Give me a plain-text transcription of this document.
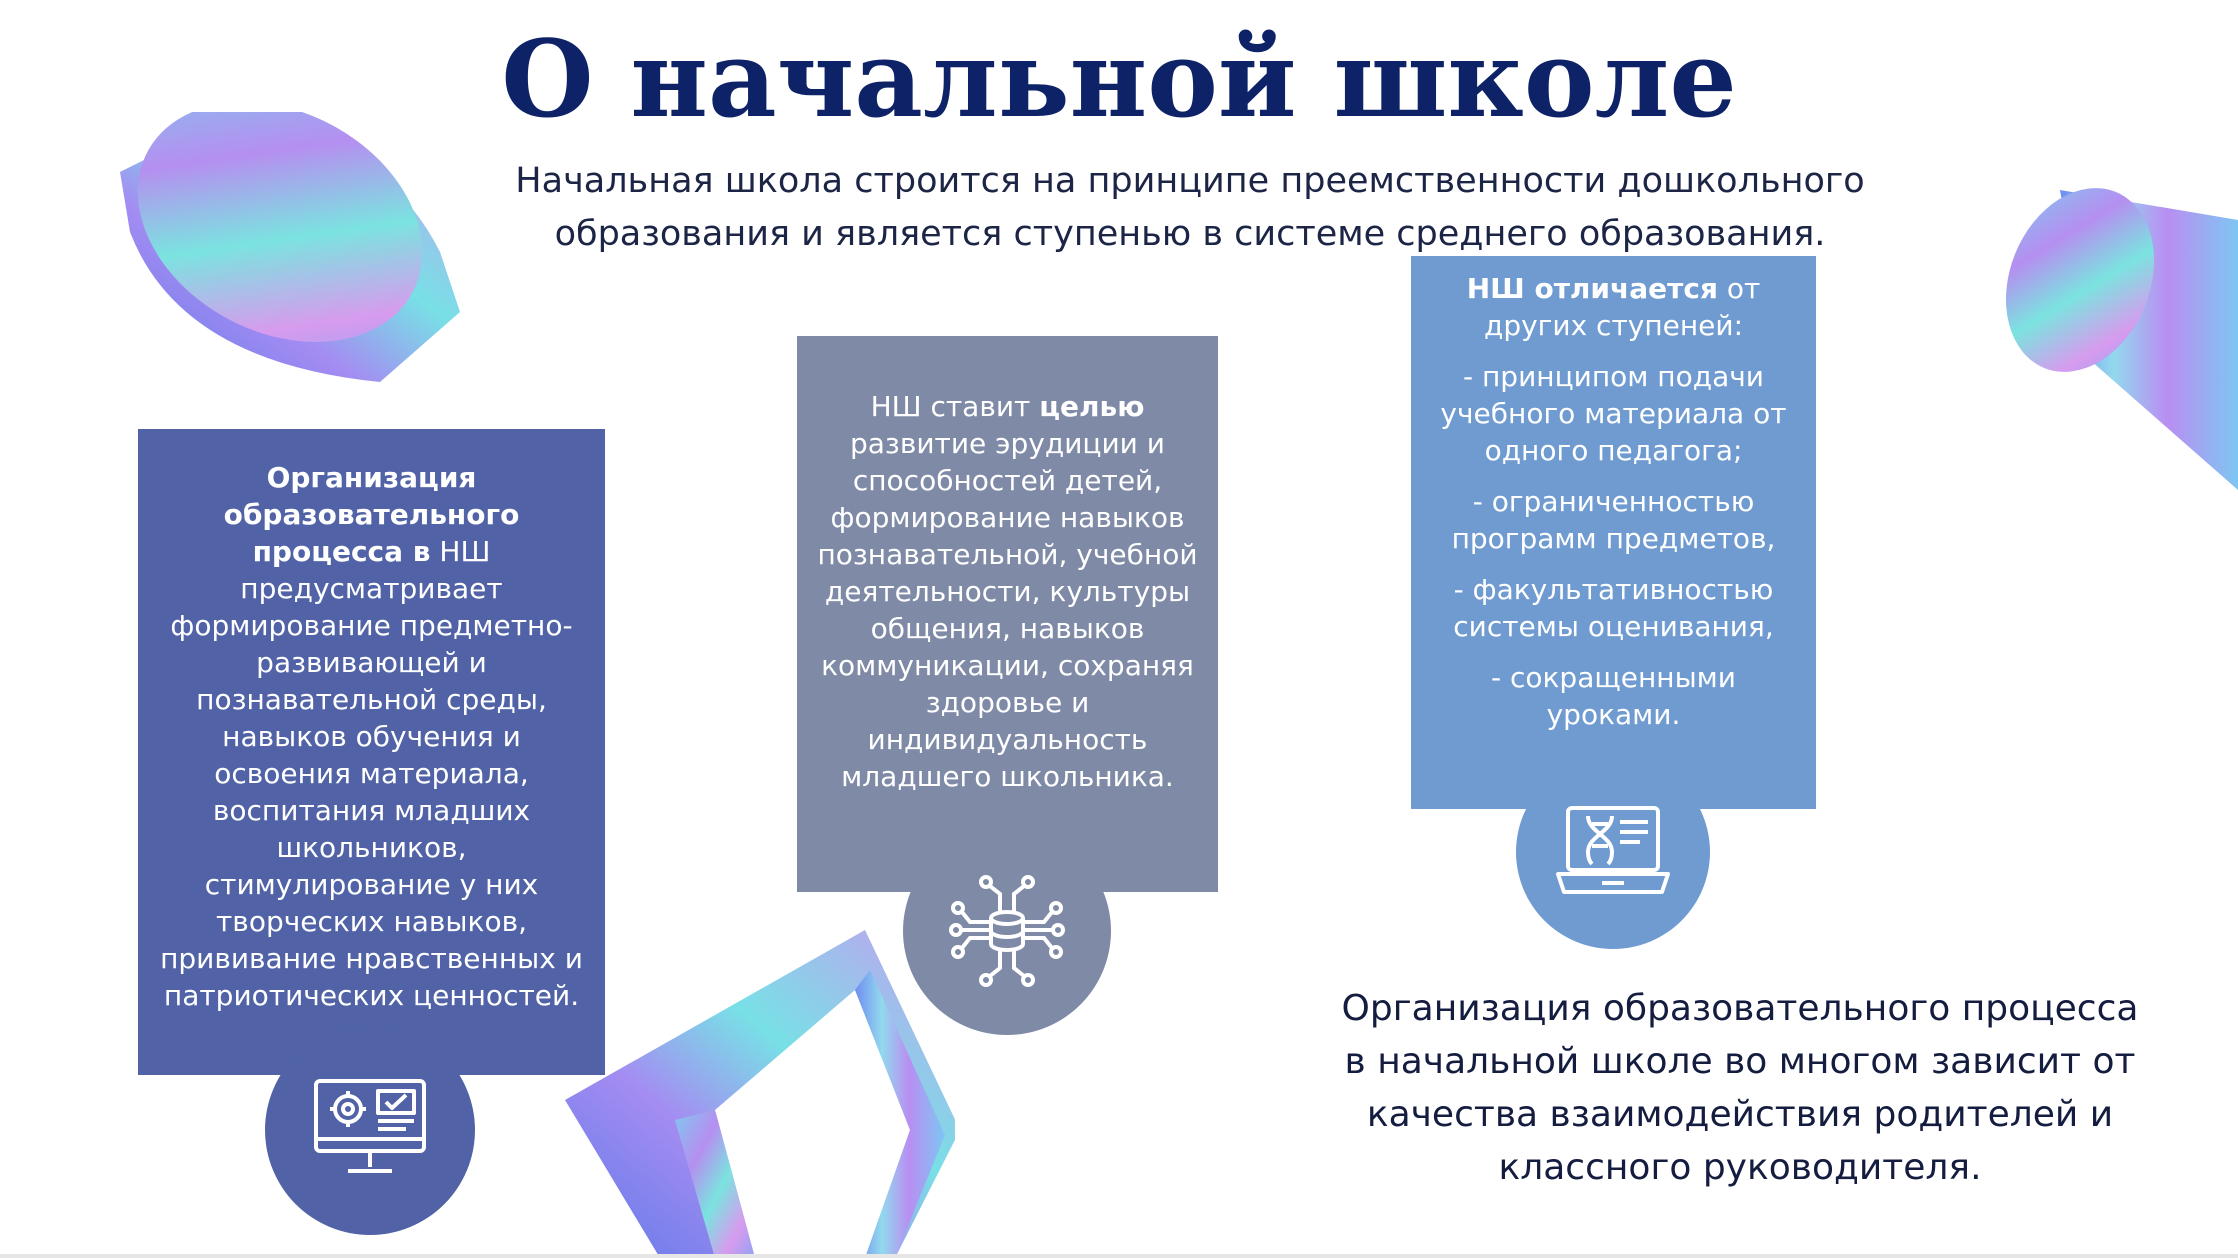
О начальной школе
Начальная школа строится на принципе преемственности дошкольного
образования и является ступенью в системе среднего образования.
Организация образовательного процесса в НШ предусматривает формирование предметно-развивающей и познавательной среды, навыков обучения и освоения материала, воспитания младших школьников, стимулирование у них творческих навыков, прививание нравственных и патриотических ценностей.
НШ ставит целью развитие эрудиции и способностей детей, формирование навыков познавательной, учебной деятельности, культуры общения, навыков коммуникации, сохраняя здоровье и индивидуальность младшего школьника.
НШ отличается от других ступеней:
- принципом подачи учебного материала от одного педагога;
- ограниченностью программ предметов,
- факультативностью системы оценивания,
- сокращенными уроками.
Организация образовательного процесса в начальной школе во многом зависит от качества взаимодействия родителей и классного руководителя.
